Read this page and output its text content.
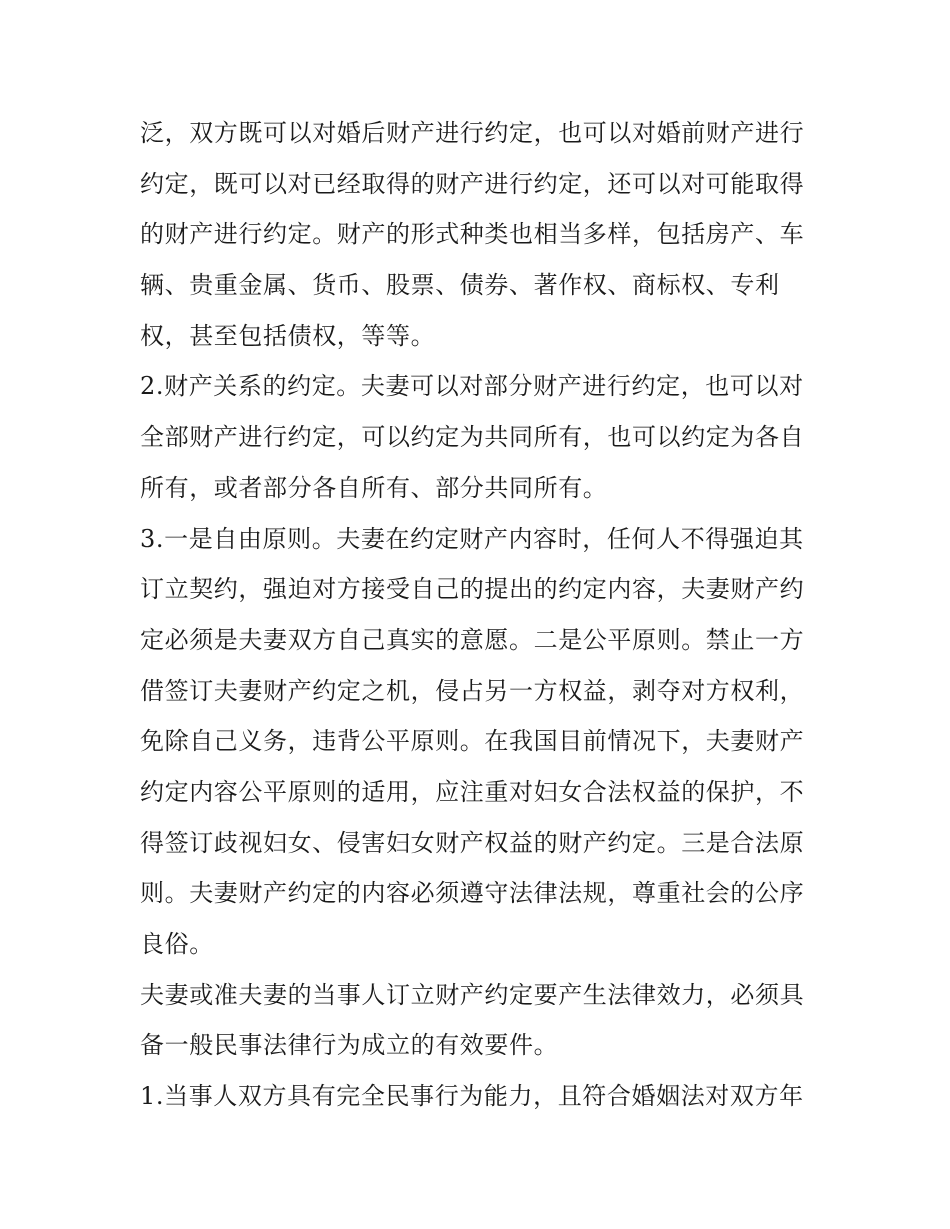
泛，双方既可以对婚后财产进行约定，也可以对婚前财产进行
约定，既可以对已经取得的财产进行约定，还可以对可能取得
的财产进行约定。财产的形式种类也相当多样，包括房产、车
辆、贵重金属、货币、股票、债券、著作权、商标权、专利
权，甚至包括债权，等等。
2.财产关系的约定。夫妻可以对部分财产进行约定，也可以对
全部财产进行约定，可以约定为共同所有，也可以约定为各自
所有，或者部分各自所有、部分共同所有。
3.一是自由原则。夫妻在约定财产内容时，任何人不得强迫其
订立契约，强迫对方接受自己的提出的约定内容，夫妻财产约
定必须是夫妻双方自己真实的意愿。二是公平原则。禁止一方
借签订夫妻财产约定之机，侵占另一方权益，剥夺对方权利，
免除自己义务，违背公平原则。在我国目前情况下，夫妻财产
约定内容公平原则的适用，应注重对妇女合法权益的保护，不
得签订歧视妇女、侵害妇女财产权益的财产约定。三是合法原
则。夫妻财产约定的内容必须遵守法律法规，尊重社会的公序
良俗。
夫妻或准夫妻的当事人订立财产约定要产生法律效力，必须具
备一般民事法律行为成立的有效要件。
1.当事人双方具有完全民事行为能力，且符合婚姻法对双方年
